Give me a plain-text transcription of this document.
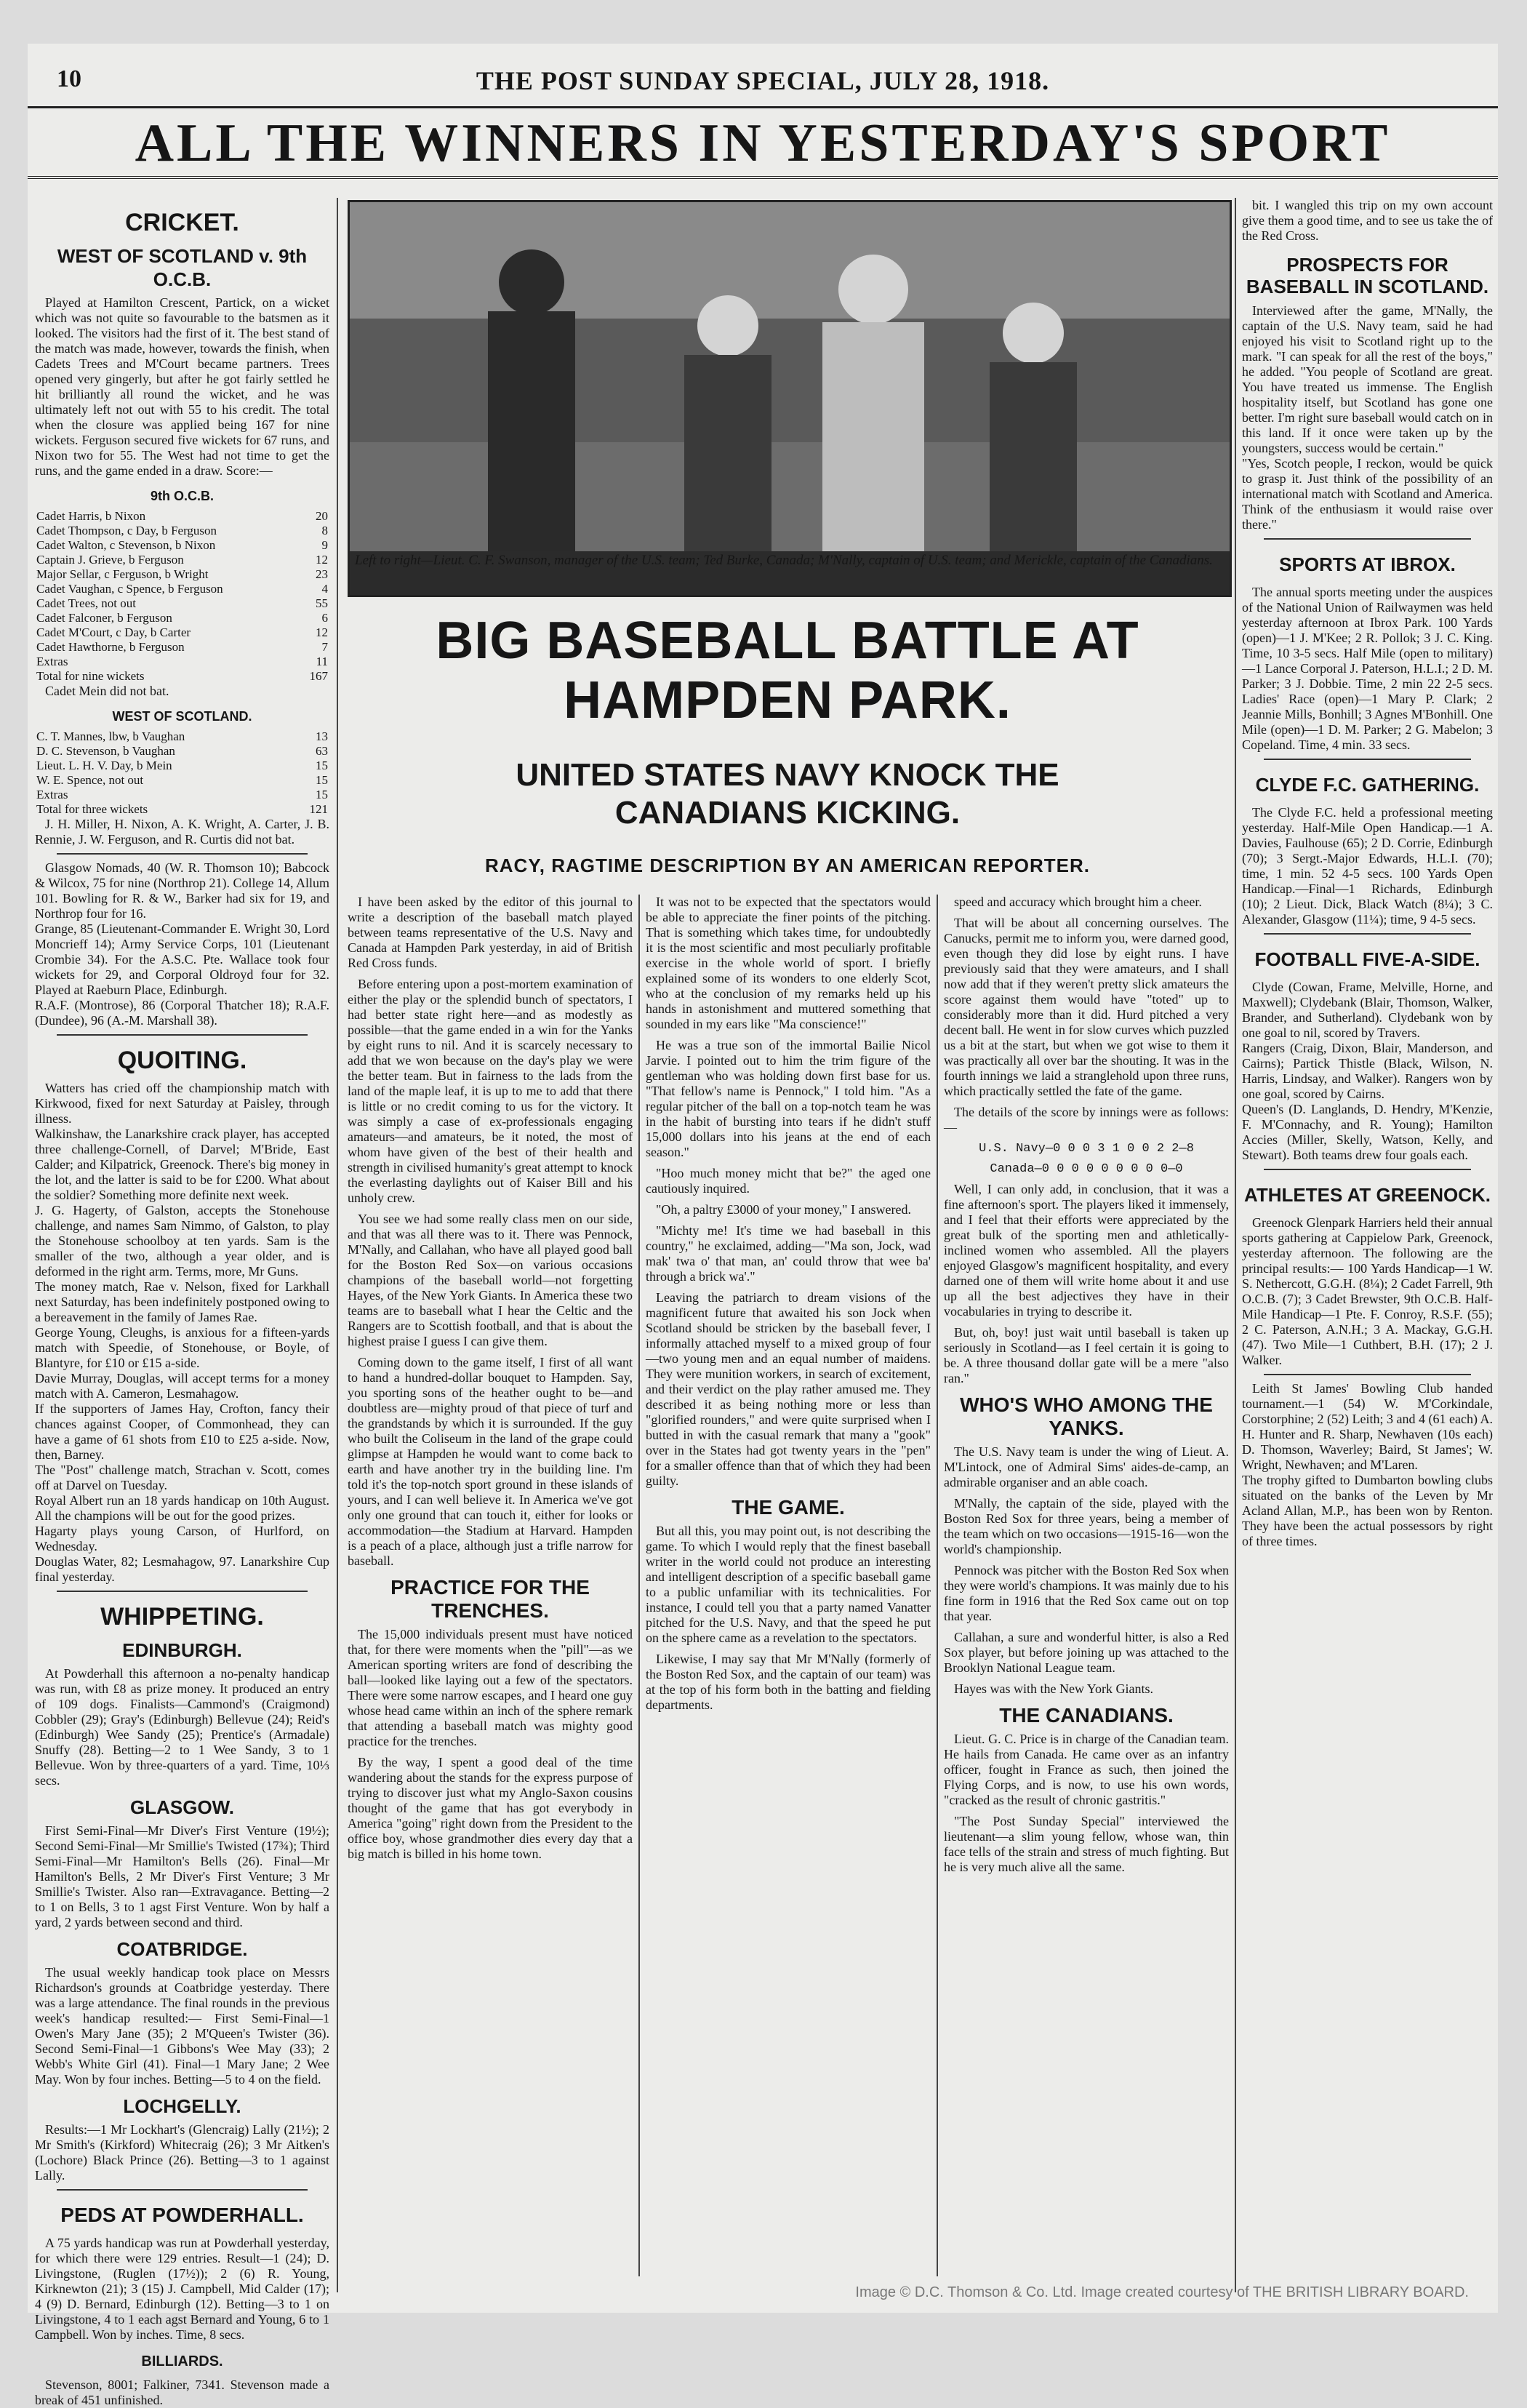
10	THE POST SUNDAY SPECIAL, JULY 28, 1918.
ALL THE WINNERS IN YESTERDAY'S SPORT
CRICKET.
WEST OF SCOTLAND v. 9th O.C.B.

Played at Hamilton Crescent, Partick, on a wicket which was not quite so favourable to the batsmen as it looked. The visitors had the first of it. The best stand of the match was made, however, towards the finish, when Cadets Trees and M'Court became partners. Trees opened very gingerly, but after he got fairly settled he hit brilliantly all round the wicket, and he was ultimately left not out with 55 to his credit. The total when the closure was applied being 167 for nine wickets. Ferguson secured five wickets for 67 runs, and Nixon two for 55. The West had not time to get the runs, and the game ended in a draw. Score:—

9th O.C.B.
Cadet Harris, b Nixon	20
Cadet Thompson, c Day, b Ferguson	8
Cadet Walton, c Stevenson, b Nixon	9
Captain J. Grieve, b Ferguson	12
Major Sellar, c Ferguson, b Wright	23
Cadet Vaughan, c Spence, b Ferguson	4
Cadet Trees, not out	55
Cadet Falconer, b Ferguson	6
Cadet M'Court, c Day, b Carter	12
Cadet Hawthorne, b Ferguson	7
Extras	11
Total for nine wickets	167

Cadet Mein did not bat.

WEST OF SCOTLAND.
C. T. Mannes, lbw, b Vaughan	13
D. C. Stevenson, b Vaughan	63
Lieut. L. H. V. Day, b Mein	15
W. E. Spence, not out	15
Extras	15
Total for three wickets	121

J. H. Miller, H. Nixon, A. K. Wright, A. Carter, J. B. Rennie, J. W. Ferguson, and R. Curtis did not bat.

Glasgow Nomads, 40 (W. R. Thomson 10); Babcock & Wilcox, 75 for nine (Northrop 21). College 14, Allum 101. Bowling for R. & W., Barker had six for 19, and Northrop four for 16.
Grange, 85 (Lieutenant-Commander E. Wright 30, Lord Moncrieff 14); Army Service Corps, 101 (Lieutenant Crombie 34). For the A.S.C. Pte. Wallace took four wickets for 29, and Corporal Oldroyd four for 32. Played at Raeburn Place, Edinburgh.
R.A.F. (Montrose), 86 (Corporal Thatcher 18); R.A.F. (Dundee), 96 (A.-M. Marshall 38).

QUOITING.

Watters has cried off the championship match with Kirkwood, fixed for next Saturday at Paisley, through illness.
Walkinshaw, the Lanarkshire crack player, has accepted three challenge-Cornell, of Darvel; M'Bride, East Calder; and Kilpatrick, Greenock. There's big money in the lot, and the latter is said to be for £200. What about the soldier? Something more definite next week.
J. G. Hagerty, of Galston, accepts the Stonehouse challenge, and names Sam Nimmo, of Galston, to play the Stonehouse schoolboy at ten yards. Sam is the smaller of the two, although a year older, and is deformed in the right arm. Terms, more, Mr Guns.
The money match, Rae v. Nelson, fixed for Larkhall next Saturday, has been indefinitely postponed owing to a bereavement in the family of James Rae.
George Young, Cleughs, is anxious for a fifteen-yards match with Speedie, of Stonehouse, or Boyle, of Blantyre, for £10 or £15 a-side.
Davie Murray, Douglas, will accept terms for a money match with A. Cameron, Lesmahagow.
If the supporters of James Hay, Crofton, fancy their chances against Cooper, of Commonhead, they can have a game of 61 shots from £10 to £25 a-side. Now, then, Barney.
The "Post" challenge match, Strachan v. Scott, comes off at Darvel on Tuesday.
Royal Albert run an 18 yards handicap on 10th August. All the champions will be out for the good prizes.
Hagarty plays young Carson, of Hurlford, on Wednesday.
Douglas Water, 82; Lesmahagow, 97. Lanarkshire Cup final yesterday.

WHIPPETING.
EDINBURGH.

At Powderhall this afternoon a no-penalty handicap was run, with £8 as prize money. It produced an entry of 109 dogs. Finalists—Cammond's (Craigmond) Cobbler (29); Gray's (Edinburgh) Bellevue (24); Reid's (Edinburgh) Wee Sandy (25); Prentice's (Armadale) Snuffy (28). Betting—2 to 1 Wee Sandy, 3 to 1 Bellevue. Won by three-quarters of a yard. Time, 10⅓ secs.

GLASGOW.

First Semi-Final—Mr Diver's First Venture (19½); Second Semi-Final—Mr Smillie's Twisted (17¾); Third Semi-Final—Mr Hamilton's Bells (26). Final—Mr Hamilton's Bells, 2 Mr Diver's First Venture; 3 Mr Smillie's Twister. Also ran—Extravagance. Betting—2 to 1 on Bells, 3 to 1 agst First Venture. Won by half a yard, 2 yards between second and third.

COATBRIDGE.

The usual weekly handicap took place on Messrs Richardson's grounds at Coatbridge yesterday. There was a large attendance. The final rounds in the previous week's handicap resulted:— First Semi-Final—1 Owen's Mary Jane (35); 2 M'Queen's Twister (36). Second Semi-Final—1 Gibbons's Wee May (33); 2 Webb's White Girl (41). Final—1 Mary Jane; 2 Wee May. Won by four inches. Betting—5 to 4 on the field.

LOCHGELLY.

Results:—1 Mr Lockhart's (Glencraig) Lally (21½); 2 Mr Smith's (Kirkford) Whitecraig (26); 3 Mr Aitken's (Lochore) Black Prince (26). Betting—3 to 1 against Lally.

PEDS AT POWDERHALL.

A 75 yards handicap was run at Powderhall yesterday, for which there were 129 entries. Result—1 (24); D. Livingstone, (Ruglen (17½)); 2 (6) R. Young, Kirknewton (21); 3 (15) J. Campbell, Mid Calder (17); 4 (9) D. Bernard, Edinburgh (12). Betting—3 to 1 on Livingstone, 4 to 1 each agst Bernard and Young, 6 to 1 Campbell. Won by inches. Time, 8 secs.

BILLIARDS.

Stevenson, 8001; Falkiner, 7341. Stevenson made a break of 451 unfinished.

Left to right—Lieut. C. F. Swanson, manager of the U.S. team; Ted Burke, Canada; M'Nally, captain of U.S. team; and Merickle, captain of the Canadians.
BIG BASEBALL BATTLE AT HAMPDEN PARK.
UNITED STATES NAVY KNOCK THE CANADIANS KICKING.
RACY, RAGTIME DESCRIPTION BY AN AMERICAN REPORTER.

I have been asked by the editor of this journal to write a description of the baseball match played between teams representative of the U.S. Navy and Canada at Hampden Park yesterday, in aid of British Red Cross funds.

Before entering upon a post-mortem examination of either the play or the splendid bunch of spectators, I had better state right here—and as modestly as possible—that the game ended in a win for the Yanks by eight runs to nil. And it is scarcely necessary to add that we won because on the day's play we were the better team. But in fairness to the lads from the land of the maple leaf, it is up to me to add that there is little or no credit coming to us for the victory. It was simply a case of ex-professionals engaging amateurs—and amateurs, be it noted, the most of whom have given of the best of their health and strength in civilised humanity's great attempt to knock the everlasting daylights out of Kaiser Bill and his unholy crew.

You see we had some really class men on our side, and that was all there was to it. There was Pennock, M'Nally, and Callahan, who have all played good ball for the Boston Red Sox—on various occasions champions of the baseball world—not forgetting Hayes, of the New York Giants. In America these two teams are to baseball what I hear the Celtic and the Rangers are to Scottish football, and that is about the highest praise I guess I can give them.

Coming down to the game itself, I first of all want to hand a hundred-dollar bouquet to Hampden. Say, you sporting sons of the heather ought to be—and doubtless are—mighty proud of that piece of turf and the grandstands by which it is surrounded. If the guy who built the Coliseum in the land of the grape could glimpse at Hampden he would want to come back to earth and have another try in the building line. I'm told it's the top-notch sport ground in these islands of yours, and I can well believe it. In America we've got only one ground that can touch it, either for looks or accommodation—the Stadium at Harvard. Hampden is a peach of a place, although just a trifle narrow for baseball.

PRACTICE FOR THE TRENCHES.

The 15,000 individuals present must have noticed that, for there were moments when the "pill"—as we American sporting writers are fond of describing the ball—looked like laying out a few of the spectators. There were some narrow escapes, and I heard one guy whose head came within an inch of the sphere remark that attending a baseball match was mighty good practice for the trenches.

By the way, I spent a good deal of the time wandering about the stands for the express purpose of trying to discover just what my Anglo-Saxon cousins thought of the game that has got everybody in America "going" right down from the President to the office boy, whose grandmother dies every day that a big match is billed in his home town.

It was not to be expected that the spectators would be able to appreciate the finer points of the pitching. That is something which takes time, for undoubtedly it is the most scientific and most peculiarly profitable exercise in the whole world of sport. I briefly explained some of its wonders to one elderly Scot, who at the conclusion of my remarks held up his hands in astonishment and muttered something that sounded in my ears like "Ma conscience!"

He was a true son of the immortal Bailie Nicol Jarvie. I pointed out to him the trim figure of the gentleman who was holding down first base for us. "That fellow's name is Pennock," I told him. "As a regular pitcher of the ball on a top-notch team he was in the habit of bursting into tears if he didn't stuff 15,000 dollars into his jeans at the end of each season."

"Hoo much money micht that be?" the aged one cautiously inquired.

"Oh, a paltry £3000 of your money," I answered.

"Michty me! It's time we had baseball in this country," he exclaimed, adding—"Ma son, Jock, wad mak' twa o' that man, an' could throw that wee ba' through a brick wa'."

Leaving the patriarch to dream visions of the magnificent future that awaited his son Jock when Scotland should be stricken by the baseball fever, I informally attached myself to a mixed group of four—two young men and an equal number of maidens. They were munition workers, in search of excitement, and their verdict on the play rather amused me. They described it as being nothing more or less than "glorified rounders," and were quite surprised when I butted in with the casual remark that many a "gook" over in the States had got twenty years in the "pen" for a smaller offence than that of which they had been guilty.

THE GAME.

But all this, you may point out, is not describing the game. To which I would reply that the finest baseball writer in the world could not produce an interesting and intelligent description of a specific baseball game to a public unfamiliar with its technicalities. For instance, I could tell you that a party named Vanatter pitched for the U.S. Navy, and that the speed he put on the sphere came as a revelation to the spectators.

Likewise, I may say that Mr M'Nally (formerly of the Boston Red Sox, and the captain of our team) was at the top of his form both in the batting and fielding departments.

speed and accuracy which brought him a cheer.

That will be about all concerning ourselves. The Canucks, permit me to inform you, were darned good, even though they did lose by eight runs. I have previously said that they were amateurs, and I shall now add that if they weren't pretty slick amateurs the score against them would have "toted" up to considerably more than it did. Hurd pitched a very decent ball. He went in for slow curves which puzzled us a bit at the start, but when we got wise to them it was practically all over bar the shouting. It was in the fourth innings we laid a stranglehold upon three runs, which practically settled the fate of the game.

The details of the score by innings were as follows:—

U.S. Navy—0 0 0 3 1 0 0 2 2—8
Canada—0 0 0 0 0 0 0 0 0—0

Well, I can only add, in conclusion, that it was a fine afternoon's sport. The players liked it immensely, and I feel that their efforts were appreciated by the great bulk of the sporting men and athletically-inclined women who assembled. All the players enjoyed Glasgow's magnificent hospitality, and every darned one of them will write home about it and use up all the best adjectives they have in their vocabularies in trying to describe it.

But, oh, boy! just wait until baseball is taken up seriously in Scotland—as I feel certain it is going to be. A three thousand dollar gate will be a mere "also ran."

WHO'S WHO AMONG THE YANKS.

The U.S. Navy team is under the wing of Lieut. A. M'Lintock, one of Admiral Sims' aides-de-camp, an admirable organiser and an able coach.

M'Nally, the captain of the side, played with the Boston Red Sox for three years, being a member of the team which on two occasions—1915-16—won the world's championship.

Pennock was pitcher with the Boston Red Sox when they were world's champions. It was mainly due to his fine form in 1916 that the Red Sox came out on top that year.

Callahan, a sure and wonderful hitter, is also a Red Sox player, but before joining up was attached to the Brooklyn National League team.

Hayes was with the New York Giants.

THE CANADIANS.

Lieut. G. C. Price is in charge of the Canadian team. He hails from Canada. He came over as an infantry officer, fought in France as such, then joined the Flying Corps, and is now, to use his own words, "cracked as the result of chronic gastritis."

"The Post Sunday Special" interviewed the lieutenant—a slim young fellow, whose wan, thin face tells of the strain and stress of much fighting. But he is very much alive all the same.

bit. I wangled this trip on my own account give them a good time, and to see us take the of the Red Cross.

PROSPECTS FOR BASEBALL IN SCOTLAND.

Interviewed after the game, M'Nally, the captain of the U.S. Navy team, said he had enjoyed his visit to Scotland right up to the mark. "I can speak for all the rest of the boys," he added. "You people of Scotland are great. You have treated us immense. The English hospitality itself, but Scotland has gone one better. I'm right sure baseball would catch on in this land. If it once were taken up by the youngsters, success would be certain."
"Yes, Scotch people, I reckon, would be quick to grasp it. Just think of the possibility of an international match with Scotland and America. Think of the enthusiasm it would raise over there."

SPORTS AT IBROX.

The annual sports meeting under the auspices of the National Union of Railwaymen was held yesterday afternoon at Ibrox Park. 100 Yards (open)—1 J. M'Kee; 2 R. Pollok; 3 J. C. King. Time, 10 3-5 secs. Half Mile (open to military)—1 Lance Corporal J. Paterson, H.L.I.; 2 D. M. Parker; 3 J. Dobbie. Time, 2 min 22 2-5 secs. Ladies' Race (open)—1 Mary P. Clark; 2 Jeannie Mills, Bonhill; 3 Agnes M'Bonhill. One Mile (open)—1 D. M. Parker; 2 G. Mabelon; 3 Copeland. Time, 4 min. 33 secs.

CLYDE F.C. GATHERING.

The Clyde F.C. held a professional meeting yesterday. Half-Mile Open Handicap.—1 A. Davies, Faulhouse (65); 2 D. Corrie, Edinburgh (70); 3 Sergt.-Major Edwards, H.L.I. (70); time, 1 min. 52 4-5 secs. 100 Yards Open Handicap.—Final—1 Richards, Edinburgh (10); 2 Lieut. Dick, Black Watch (8¼); 3 C. Alexander, Glasgow (11¼); time, 9 4-5 secs.

FOOTBALL FIVE-A-SIDE.

Clyde (Cowan, Frame, Melville, Horne, and Maxwell); Clydebank (Blair, Thomson, Walker, Brander, and Sutherland). Clydebank won by one goal to nil, scored by Travers.
Rangers (Craig, Dixon, Blair, Manderson, and Cairns); Partick Thistle (Black, Wilson, N. Harris, Lindsay, and Walker). Rangers won by one goal, scored by Cairns.
Queen's (D. Langlands, D. Hendry, M'Kenzie, F. M'Connachy, and R. Young); Hamilton Accies (Miller, Skelly, Watson, Kelly, and Stewart). Both teams drew four goals each.

ATHLETES AT GREENOCK.

Greenock Glenpark Harriers held their annual sports gathering at Cappielow Park, Greenock, yesterday afternoon. The following are the principal results:— 100 Yards Handicap—1 W. S. Nethercott, G.G.H. (8¼); 2 Cadet Farrell, 9th O.C.B. (7); 3 Cadet Brewster, 9th O.C.B. Half-Mile Handicap—1 Pte. F. Conroy, R.S.F. (55); 2 C. Paterson, A.N.H.; 3 A. Mackay, G.G.H. (47). Two Mile—1 Cuthbert, B.H. (17); 2 J. Walker.

Leith St James' Bowling Club handed tournament.—1 (54) W. M'Corkindale, Corstorphine; 2 (52) Leith; 3 and 4 (61 each) A. H. Hunter and R. Sharp, Newhaven (10s each) D. Thomson, Waverley; Baird, St James'; W. Wright, Newhaven; and M'Laren.
The trophy gifted to Dumbarton bowling clubs situated on the banks of the Leven by Mr Acland Allan, M.P., has been won by Renton. They have been the actual possessors by right of three times.

Image © D.C. Thomson & Co. Ltd. Image created courtesy of THE BRITISH LIBRARY BOARD.
